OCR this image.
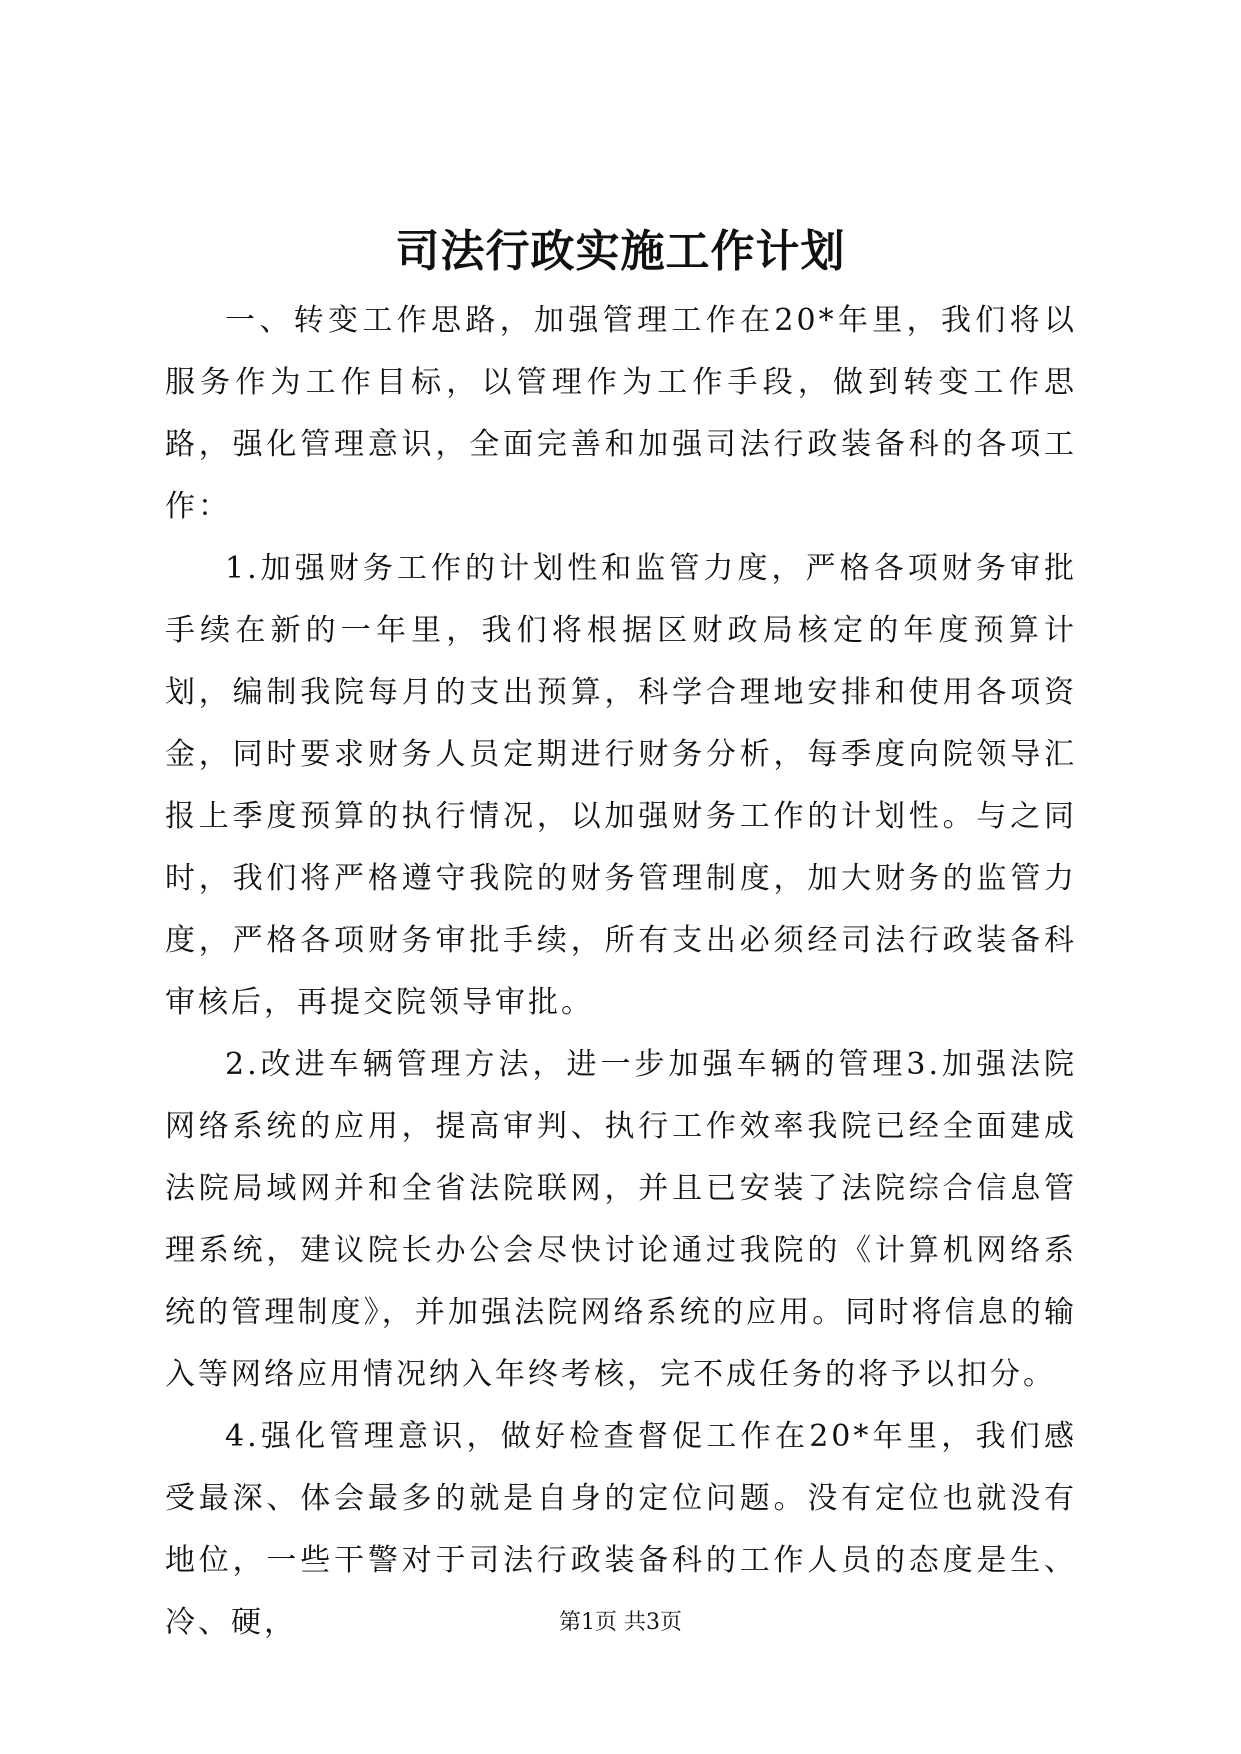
司法行政实施工作计划

一、转变工作思路，加强管理工作在20*年里，我们将以服务作为工作目标，以管理作为工作手段，做到转变工作思路，强化管理意识，全面完善和加强司法行政装备科的各项工作：

1.加强财务工作的计划性和监管力度，严格各项财务审批手续在新的一年里，我们将根据区财政局核定的年度预算计划，编制我院每月的支出预算，科学合理地安排和使用各项资金，同时要求财务人员定期进行财务分析，每季度向院领导汇报上季度预算的执行情况，以加强财务工作的计划性。与之同时，我们将严格遵守我院的财务管理制度，加大财务的监管力度，严格各项财务审批手续，所有支出必须经司法行政装备科审核后，再提交院领导审批。

2.改进车辆管理方法，进一步加强车辆的管理3.加强法院网络系统的应用，提高审判、执行工作效率我院已经全面建成法院局域网并和全省法院联网，并且已安装了法院综合信息管理系统，建议院长办公会尽快讨论通过我院的《计算机网络系统的管理制度》，并加强法院网络系统的应用。同时将信息的输入等网络应用情况纳入年终考核，完不成任务的将予以扣分。

4.强化管理意识，做好检查督促工作在20*年里，我们感受最深、体会最多的就是自身的定位问题。没有定位也就没有地位，一些干警对于司法行政装备科的工作人员的态度是生、冷、硬，	第1页 共3页
